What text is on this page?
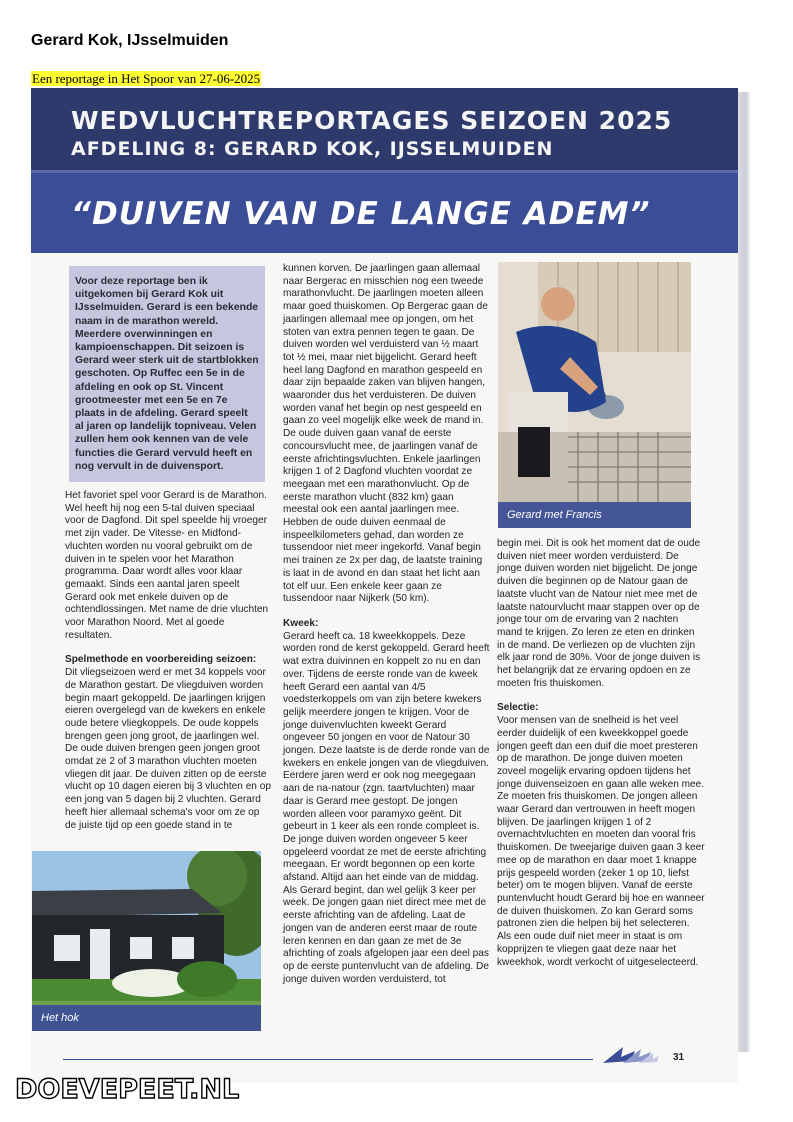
Gerard Kok, IJsselmuiden
Een reportage in Het Spoor van 27-06-2025
WEDVLUCHTREPORTAGES SEIZOEN 2025
AFDELING 8: GERARD KOK, IJSSELMUIDEN
“DUIVEN VAN DE LANGE ADEM”

Voor deze reportage ben ik uitgekomen bij Gerard Kok uit IJsselmuiden. Gerard is een bekende naam in de marathon wereld. Meerdere overwinningen en kampioenschappen. Dit seizoen is Gerard weer sterk uit de startblokken geschoten. Op Ruffec een 5e in de afdeling en ook op St. Vincent grootmeester met een 5e en 7e plaats in de afdeling. Gerard speelt al jaren op landelijk topniveau. Velen zullen hem ook kennen van de vele functies die Gerard vervuld heeft en nog vervult in de duivensport.

Het favoriet spel voor Gerard is de Marathon. Wel heeft hij nog een 5-tal duiven speciaal voor de Dagfond. Dit spel speelde hij vroeger met zijn vader. De Vitesse- en Midfond-vluchten worden nu vooral gebruikt om de duiven in te spelen voor het Marathon programma. Daar wordt alles voor klaar gemaakt. Sinds een aantal jaren speelt Gerard ook met enkele duiven op de ochtendlossingen. Met name de drie vluchten voor Marathon Noord. Met al goede resultaten.

Spelmethode en voorbereiding seizoen:

Dit vliegseizoen werd er met 34 koppels voor de Marathon gestart. De vliegduiven worden begin maart gekoppeld. De jaarlingen krijgen eieren overgelegd van de kwekers en enkele oude betere vliegkoppels. De oude koppels brengen geen jong groot, de jaarlingen wel. De oude duiven brengen geen jongen groot omdat ze 2 of 3 marathon vluchten moeten vliegen dit jaar. De duiven zitten op de eerste vlucht op 10 dagen eieren bij 3 vluchten en op een jong van 5 dagen bij 2 vluchten. Gerard heeft hier allemaal schema's voor om ze op de juiste tijd op een goede stand in te

Het hok

kunnen korven. De jaarlingen gaan allemaal naar Bergerac en misschien nog een tweede marathonvlucht. De jaarlingen moeten alleen maar goed thuiskomen. Op Bergerac gaan de jaarlingen allemaal mee op jongen, om het stoten van extra pennen tegen te gaan. De duiven worden wel verduisterd van ½ maart tot ½ mei, maar niet bijgelicht. Gerard heeft heel lang Dagfond en marathon gespeeld en daar zijn bepaalde zaken van blijven hangen, waaronder dus het verduisteren. De duiven worden vanaf het begin op nest gespeeld en gaan zo veel mogelijk elke week de mand in. De oude duiven gaan vanaf de eerste concoursvlucht mee, de jaarlingen vanaf de eerste africhtingsvluchten. Enkele jaarlingen krijgen 1 of 2 Dagfond vluchten voordat ze meegaan met een marathonvlucht. Op de eerste marathon vlucht (832 km) gaan meestal ook een aantal jaarlingen mee. Hebben de oude duiven eenmaal de inspeelkilometers gehad, dan worden ze tussendoor niet meer ingekorfd. Vanaf begin mei trainen ze 2x per dag, de laatste training is laat in de avond en dan staat het licht aan tot elf uur. Een enkele keer gaan ze tussendoor naar Nijkerk (50 km).

Kweek:

Gerard heeft ca. 18 kweekkoppels. Deze worden rond de kerst gekoppeld. Gerard heeft wat extra duivinnen en koppelt zo nu en dan over. Tijdens de eerste ronde van de kweek heeft Gerard een aantal van 4/5 voedsterkoppels om van zijn betere kwekers gelijk meerdere jongen te krijgen. Voor de jonge duivenvluchten kweekt Gerard ongeveer 50 jongen en voor de Natour 30 jongen. Deze laatste is de derde ronde van de kwekers en enkele jongen van de vliegduiven. Eerdere jaren werd er ook nog meegegaan aan de na-natour (zgn. taartvluchten) maar daar is Gerard mee gestopt. De jongen worden alleen voor paramyxo geënt. Dit gebeurt in 1 keer als een ronde compleet is.

De jonge duiven worden ongeveer 5 keer opgeleerd voordat ze met de eerste africhting meegaan. Er wordt begonnen op een korte afstand. Altijd aan het einde van de middag. Als Gerard begint, dan wel gelijk 3 keer per week. De jongen gaan niet direct mee met de eerste africhting van de afdeling. Laat de jongen van de anderen eerst maar de route leren kennen en dan gaan ze met de 3e africhting of zoals afgelopen jaar een deel pas op de eerste puntenvlucht van de afdeling. De jonge duiven worden verduisterd, tot

Gerard met Francis

begin mei. Dit is ook het moment dat de oude duiven niet meer worden verduisterd. De jonge duiven worden niet bijgelicht. De jonge duiven die beginnen op de Natour gaan de laatste vlucht van de Natour niet mee met de laatste natourvlucht maar stappen over op de jonge tour om de ervaring van 2 nachten mand te krijgen. Zo leren ze eten en drinken in de mand. De verliezen op de vluchten zijn elk jaar rond de 30%. Voor de jonge duiven is het belangrijk dat ze ervaring opdoen en ze moeten fris thuiskomen.

Selectie:

Voor mensen van de snelheid is het veel eerder duidelijk of een kweekkoppel goede jongen geeft dan een duif die moet presteren op de marathon. De jonge duiven moeten zoveel mogelijk ervaring opdoen tijdens het jonge duivenseizoen en gaan alle weken mee. Ze moeten fris thuiskomen. De jongen alleen waar Gerard dan vertrouwen in heeft mogen blijven. De jaarlingen krijgen 1 of 2 overnachtvluchten en moeten dan vooral fris thuiskomen. De tweejarige duiven gaan 3 keer mee op de marathon en daar moet 1 knappe prijs gespeeld worden (zeker 1 op 10, liefst beter) om te mogen blijven. Vanaf de eerste puntenvlucht houdt Gerard bij hoe en wanneer de duiven thuiskomen. Zo kan Gerard soms patronen zien die helpen bij het selecteren. Als een oude duif niet meer in staat is om kopprijzen te vliegen gaat deze naar het kweekhok, wordt verkocht of uitgeselecteerd.

31
DOEVEPEET.NL
